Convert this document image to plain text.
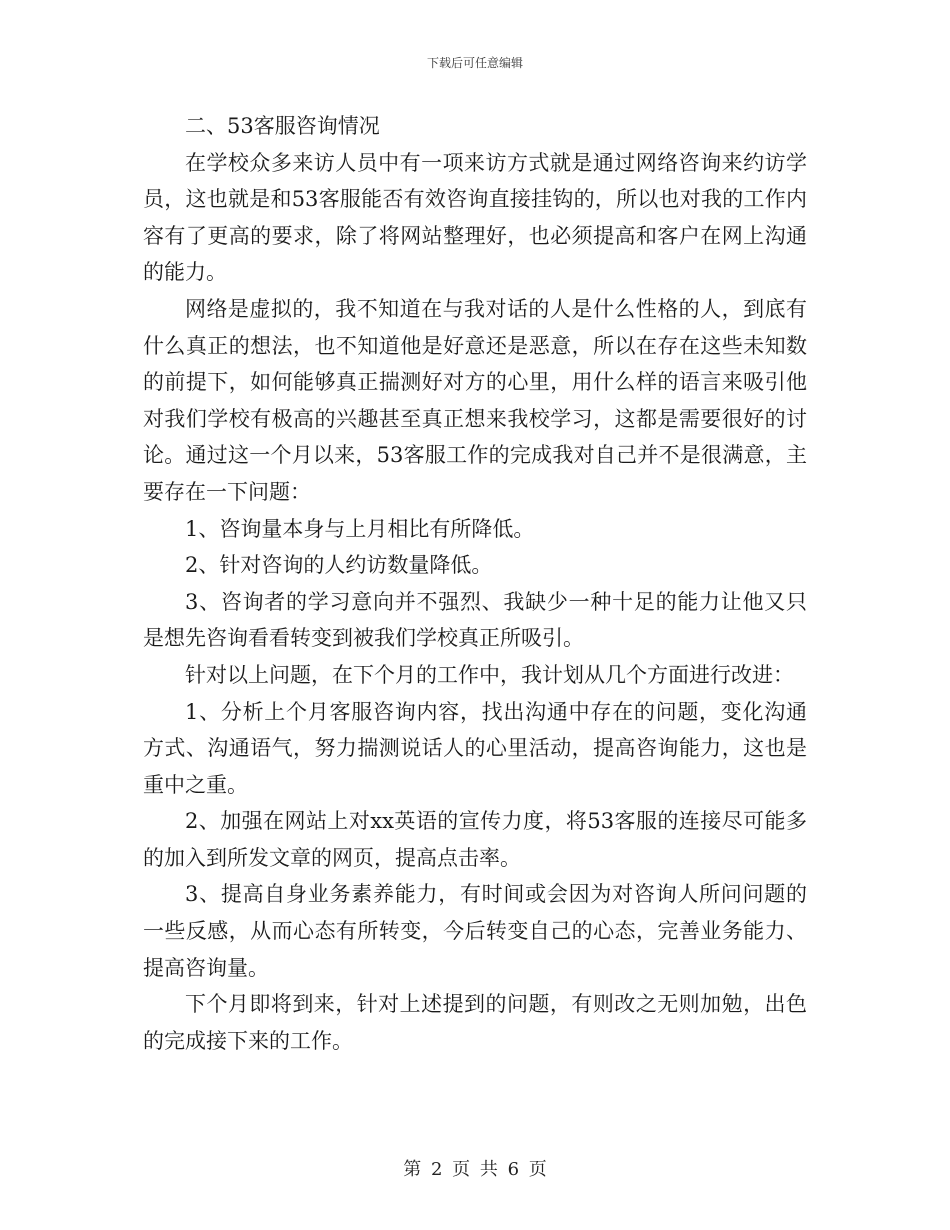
下载后可任意编辑

二、53客服咨询情况

在学校众多来访人员中有一项来访方式就是通过网络咨询来约访学员，这也就是和53客服能否有效咨询直接挂钩的，所以也对我的工作内容有了更高的要求，除了将网站整理好，也必须提高和客户在网上沟通的能力。

网络是虚拟的，我不知道在与我对话的人是什么性格的人，到底有什么真正的想法，也不知道他是好意还是恶意，所以在存在这些未知数的前提下，如何能够真正揣测好对方的心里，用什么样的语言来吸引他对我们学校有极高的兴趣甚至真正想来我校学习，这都是需要很好的讨论。通过这一个月以来，53客服工作的完成我对自己并不是很满意，主要存在一下问题：

1、咨询量本身与上月相比有所降低。

2、针对咨询的人约访数量降低。

3、咨询者的学习意向并不强烈、我缺少一种十足的能力让他又只是想先咨询看看转变到被我们学校真正所吸引。

针对以上问题，在下个月的工作中，我计划从几个方面进行改进：

1、分析上个月客服咨询内容，找出沟通中存在的问题，变化沟通方式、沟通语气，努力揣测说话人的心里活动，提高咨询能力，这也是重中之重。

2、加强在网站上对xx英语的宣传力度，将53客服的连接尽可能多的加入到所发文章的网页，提高点击率。

3、提高自身业务素养能力，有时间或会因为对咨询人所问问题的一些反感，从而心态有所转变，今后转变自己的心态，完善业务能力、提高咨询量。

下个月即将到来，针对上述提到的问题，有则改之无则加勉，出色的完成接下来的工作。

第 2 页 共 6 页
